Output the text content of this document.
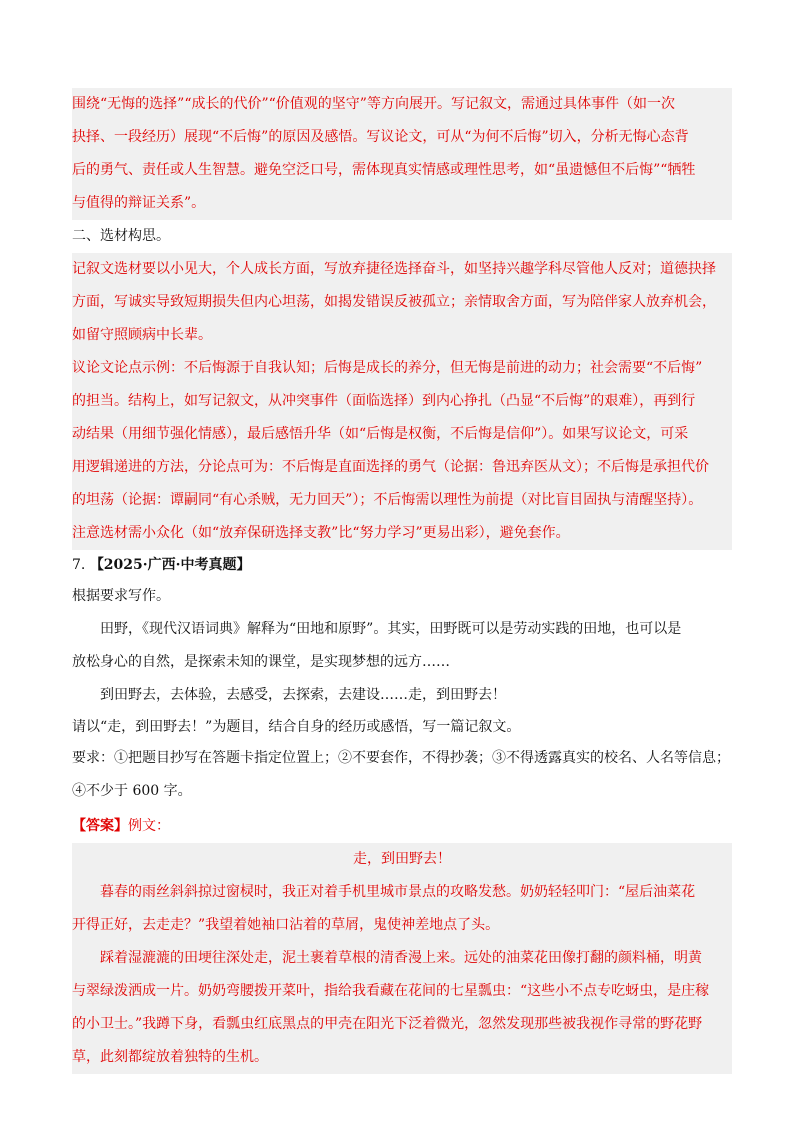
围绕“无悔的选择”“成长的代价”“价值观的坚守”等方向展开。写记叙文，需通过具体事件（如一次

抉择、一段经历）展现“不后悔”的原因及感悟。写议论文，可从“为何不后悔”切入，分析无悔心态背

后的勇气、责任或人生智慧。避免空泛口号，需体现真实情感或理性思考，如“虽遗憾但不后悔”“牺牲

与值得的辩证关系”。

二、选材构思。

记叙文选材要以小见大，个人成长方面，写放弃捷径选择奋斗，如坚持兴趣学科尽管他人反对；道德抉择

方面，写诚实导致短期损失但内心坦荡，如揭发错误反被孤立；亲情取舍方面，写为陪伴家人放弃机会，

如留守照顾病中长辈。

议论文论点示例：不后悔源于自我认知；后悔是成长的养分，但无悔是前进的动力；社会需要“不后悔”

的担当。结构上，如写记叙文，从冲突事件（面临选择）到内心挣扎（凸显“不后悔”的艰难），再到行

动结果（用细节强化情感），最后感悟升华（如“后悔是权衡，不后悔是信仰”）。如果写议论文，可采

用逻辑递进的方法，分论点可为：不后悔是直面选择的勇气（论据：鲁迅弃医从文）；不后悔是承担代价

的坦荡（论据：谭嗣同“有心杀贼，无力回天”）；不后悔需以理性为前提（对比盲目固执与清醒坚持）。

注意选材需小众化（如“放弃保研选择支教”比“努力学习”更易出彩），避免套作。

7. 【2025·广西·中考真题】

根据要求写作。

田野，《现代汉语词典》解释为“田地和原野”。其实，田野既可以是劳动实践的田地，也可以是

放松身心的自然，是探索未知的课堂，是实现梦想的远方……

到田野去，去体验，去感受，去探索，去建设……走，到田野去！

请以“走，到田野去！”为题目，结合自身的经历或感悟，写一篇记叙文。

要求：①把题目抄写在答题卡指定位置上；②不要套作，不得抄袭；③不得透露真实的校名、人名等信息；

④不少于 600 字。

【答案】例文：

走，到田野去！

暮春的雨丝斜斜掠过窗棂时，我正对着手机里城市景点的攻略发愁。奶奶轻轻叩门：“屋后油菜花

开得正好，去走走？”我望着她袖口沾着的草屑，鬼使神差地点了头。

踩着湿漉漉的田埂往深处走，泥土裹着草根的清香漫上来。远处的油菜花田像打翻的颜料桶，明黄

与翠绿泼洒成一片。奶奶弯腰拨开菜叶，指给我看藏在花间的七星瓢虫：“这些小不点专吃蚜虫，是庄稼

的小卫士。”我蹲下身，看瓢虫红底黑点的甲壳在阳光下泛着微光，忽然发现那些被我视作寻常的野花野

草，此刻都绽放着独特的生机。
